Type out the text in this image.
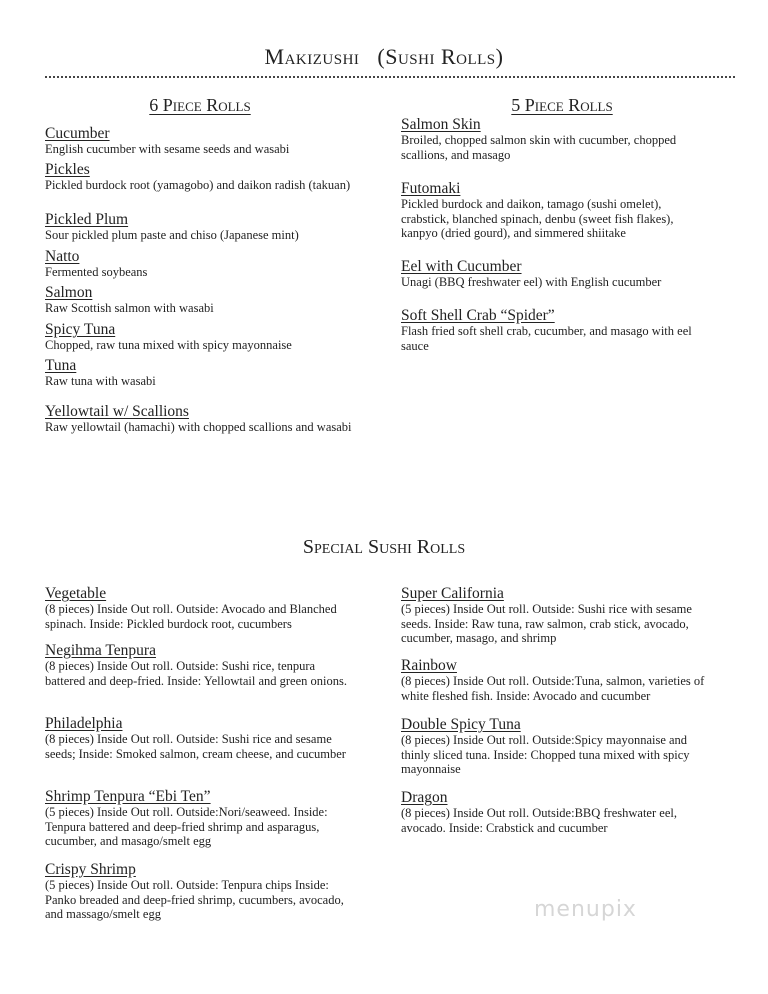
Makizushi   (Sushi Rolls)
6 Piece Rolls	5 Piece Rolls
Special Sushi Rolls
Cucumber
English cucumber with sesame seeds and wasabi
Pickles
Pickled burdock root (yamagobo) and daikon radish (takuan)
Pickled Plum
Sour pickled plum paste and chiso (Japanese mint)
Natto
Fermented soybeans
Salmon
Raw Scottish salmon with wasabi
Spicy Tuna
Chopped, raw tuna mixed with spicy mayonnaise
Tuna
Raw tuna with wasabi
Yellowtail w/ Scallions
Raw yellowtail (hamachi) with chopped scallions and wasabi
Salmon Skin
Broiled, chopped salmon skin with cucumber, chopped scallions, and masago
Futomaki
Pickled burdock and daikon, tamago (sushi omelet), crabstick, blanched spinach, denbu (sweet fish flakes), kanpyo (dried gourd), and simmered shiitake
Eel with Cucumber
Unagi (BBQ freshwater eel) with English cucumber
Soft Shell Crab “Spider”
Flash fried soft shell crab, cucumber, and masago with eel sauce
Vegetable
(8 pieces) Inside Out roll. Outside: Avocado and Blanched spinach. Inside: Pickled burdock root, cucumbers
Negihma Tenpura
(8 pieces) Inside Out roll. Outside: Sushi rice, tenpura battered and deep-fried. Inside: Yellowtail and green onions.
Philadelphia
(8 pieces) Inside Out roll. Outside: Sushi rice and sesame seeds; Inside: Smoked salmon, cream cheese, and cucumber
Shrimp Tenpura “Ebi Ten”
(5 pieces) Inside Out roll. Outside:Nori/seaweed. Inside: Tenpura battered and deep-fried shrimp and asparagus, cucumber, and masago/smelt egg
Crispy Shrimp
(5 pieces) Inside Out roll. Outside: Tenpura chips Inside: Panko breaded and deep-fried shrimp, cucumbers, avocado, and massago/smelt egg
Super California
(5 pieces) Inside Out roll. Outside: Sushi rice with sesame seeds. Inside: Raw tuna, raw salmon, crab stick, avocado, cucumber, masago, and shrimp
Rainbow
(8 pieces) Inside Out roll. Outside:Tuna, salmon, varieties of white fleshed fish. Inside: Avocado and cucumber
Double Spicy Tuna
(8 pieces) Inside Out roll. Outside:Spicy mayonnaise and thinly sliced tuna. Inside: Chopped tuna mixed with spicy mayonnaise
Dragon
(8 pieces) Inside Out roll. Outside:BBQ freshwater eel, avocado. Inside: Crabstick and cucumber
menupix
